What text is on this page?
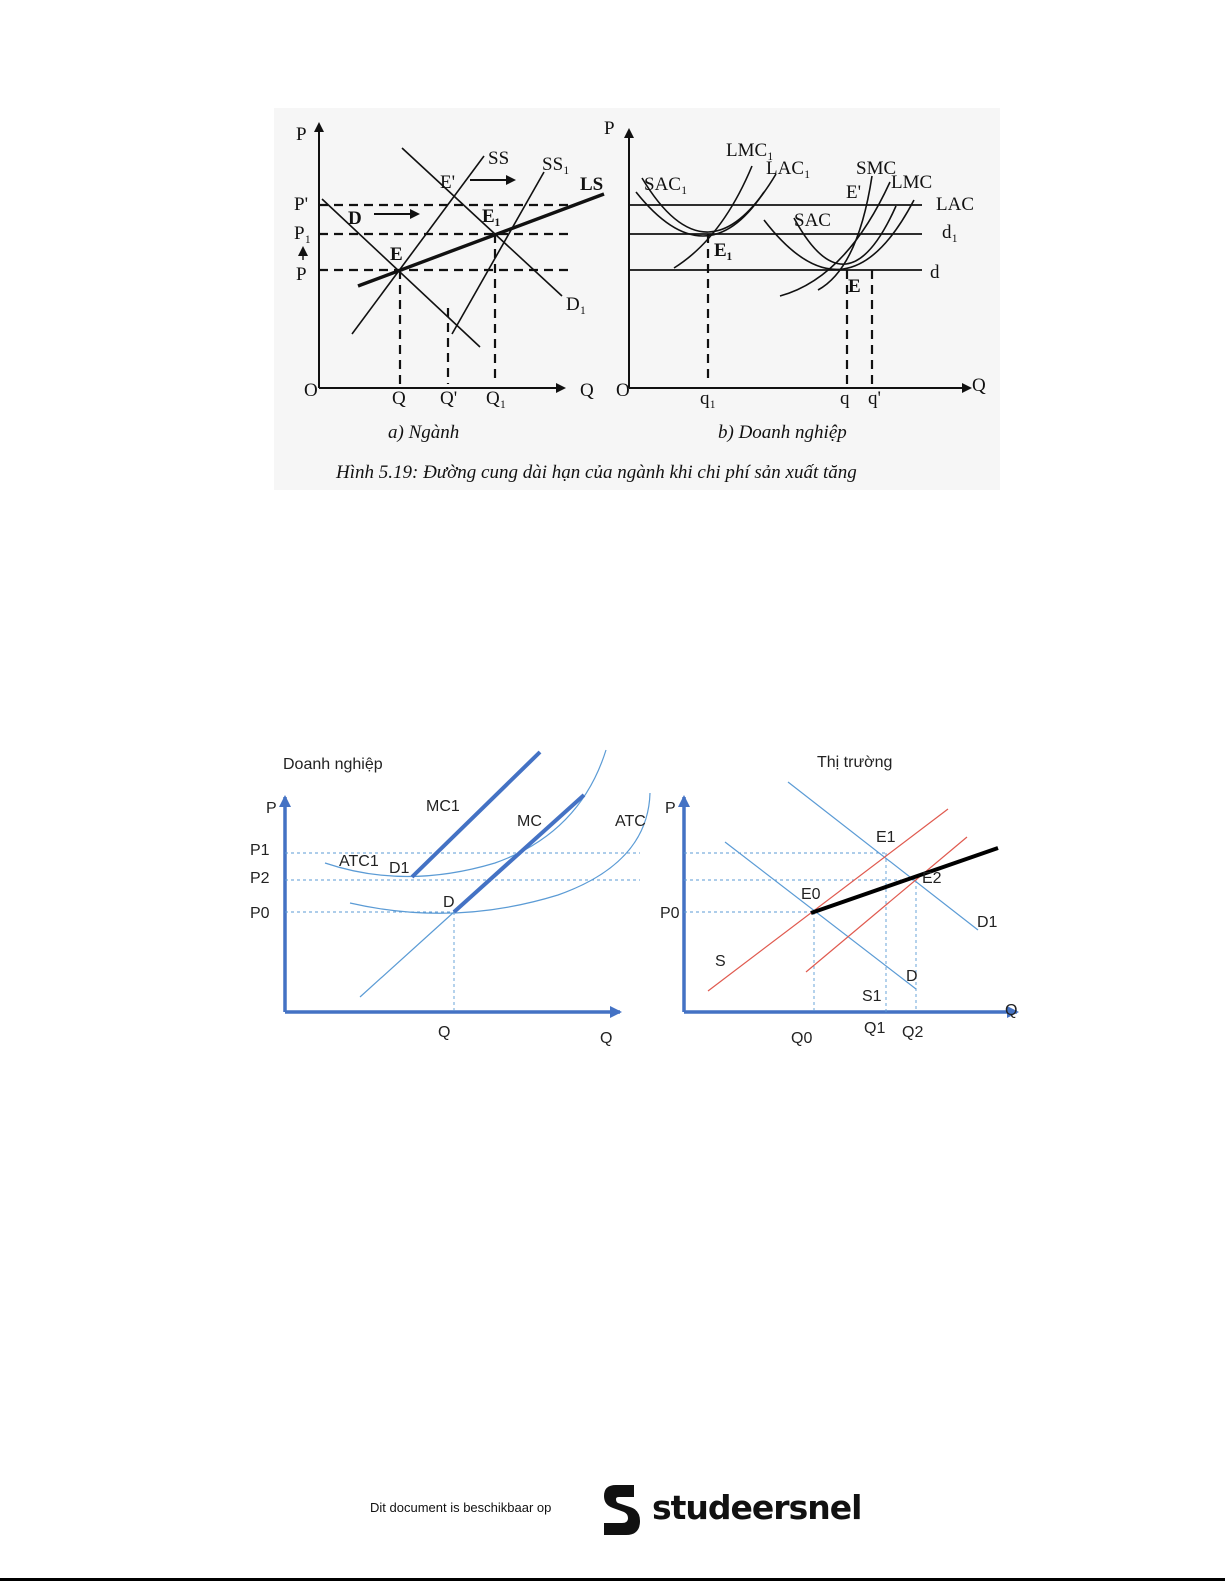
P
O	Q
P'
P₁
P
Q Q' Q₁
SS SS₁
LS
D
D₁
E
E₁
E'
a) Ngành
P
O	Q
q₁	q q'
SAC₁
LMC₁
LAC₁ SMC
LMC
SAC
LAC
d₁
d
E₁
E
E'
b) Doanh nghiệp
Hình 5.19: Đường cung dài hạn của ngành khi chi phí sản xuất tăng
Doanh nghiệp
P
P1
P2
P0
Q	Q
MC1
MC	ATC
ATC1 D1
D
Thị trường
P
P0
Q0
Q1 Q2
Q
S
S1
D
D1
E0
E1
E2
Dit document is beschikbaar op	studeersnel
